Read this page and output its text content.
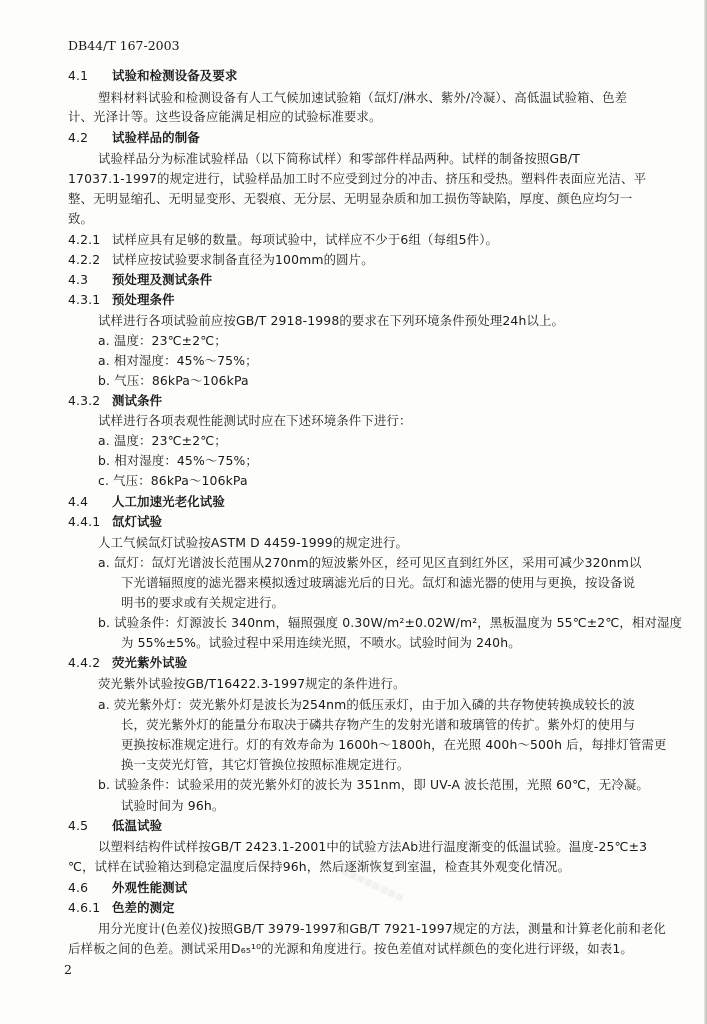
DB44/T 167-2003
4.1 试验和检测设备及要求
塑料材料试验和检测设备有人工气候加速试验箱（氙灯/淋水、紫外/冷凝）、高低温试验箱、色差
计、光泽计等。这些设备应能满足相应的试验标准要求。
4.2 试验样品的制备
试验样品分为标准试验样品（以下简称试样）和零部件样品两种。试样的制备按照GB/T
17037.1-1997的规定进行，试验样品加工时不应受到过分的冲击、挤压和受热。塑料件表面应光洁、平
整、无明显缩孔、无明显变形、无裂痕、无分层、无明显杂质和加工损伤等缺陷，厚度、颜色应均匀一
致。
4.2.1 试样应具有足够的数量。每项试验中，试样应不少于6组（每组5件）。
4.2.2 试样应按试验要求制备直径为100mm的圆片。
4.3 预处理及测试条件
4.3.1 预处理条件
试样进行各项试验前应按GB/T 2918-1998的要求在下列环境条件预处理24h以上。
a. 温度：23℃±2℃；
a. 相对湿度：45%～75%；
b. 气压：86kPa～106kPa
4.3.2 测试条件
试样进行各项表观性能测试时应在下述环境条件下进行：
a. 温度：23℃±2℃；
b. 相对湿度：45%～75%；
c. 气压：86kPa～106kPa
4.4 人工加速光老化试验
4.4.1 氙灯试验
人工气候氙灯试验按ASTM D 4459-1999的规定进行。
a. 氙灯：氙灯光谱波长范围从270nm的短波紫外区，经可见区直到红外区，采用可减少320nm以
下光谱辐照度的滤光器来模拟透过玻璃滤光后的日光。氙灯和滤光器的使用与更换，按设备说
明书的要求或有关规定进行。
b. 试验条件：灯源波长 340nm，辐照强度 0.30W/m²±0.02W/m²，黑板温度为 55℃±2℃，相对湿度
为 55%±5%。试验过程中采用连续光照，不喷水。试验时间为 240h。
4.4.2 荧光紫外试验
荧光紫外试验按GB/T16422.3-1997规定的条件进行。
a. 荧光紫外灯：荧光紫外灯是波长为254nm的低压汞灯，由于加入磷的共存物使转换成较长的波
长，荧光紫外灯的能量分布取决于磷共存物产生的发射光谱和玻璃管的传扩。紫外灯的使用与
更换按标准规定进行。灯的有效寿命为 1600h～1800h，在光照 400h～500h 后，每排灯管需更
换一支荧光灯管，其它灯管换位按照标准规定进行。
b. 试验条件：试验采用的荧光紫外灯的波长为 351nm，即 UV-A 波长范围，光照 60℃，无冷凝。
试验时间为 96h。
4.5 低温试验
以塑料结构件试样按GB/T 2423.1-2001中的试验方法Ab进行温度渐变的低温试验。温度-25℃±3
℃，试样在试验箱达到稳定温度后保持96h，然后逐渐恢复到室温，检查其外观变化情况。
4.6 外观性能测试
4.6.1 色差的测定
用分光度计(色差仪)按照GB/T 3979-1997和GB/T 7921-1997规定的方法，测量和计算老化前和老化
后样板之间的色差。测试采用D₆₅¹⁰的光源和角度进行。按色差值对试样颜色的变化进行评级，如表1。
2
■■■■■■■■■
